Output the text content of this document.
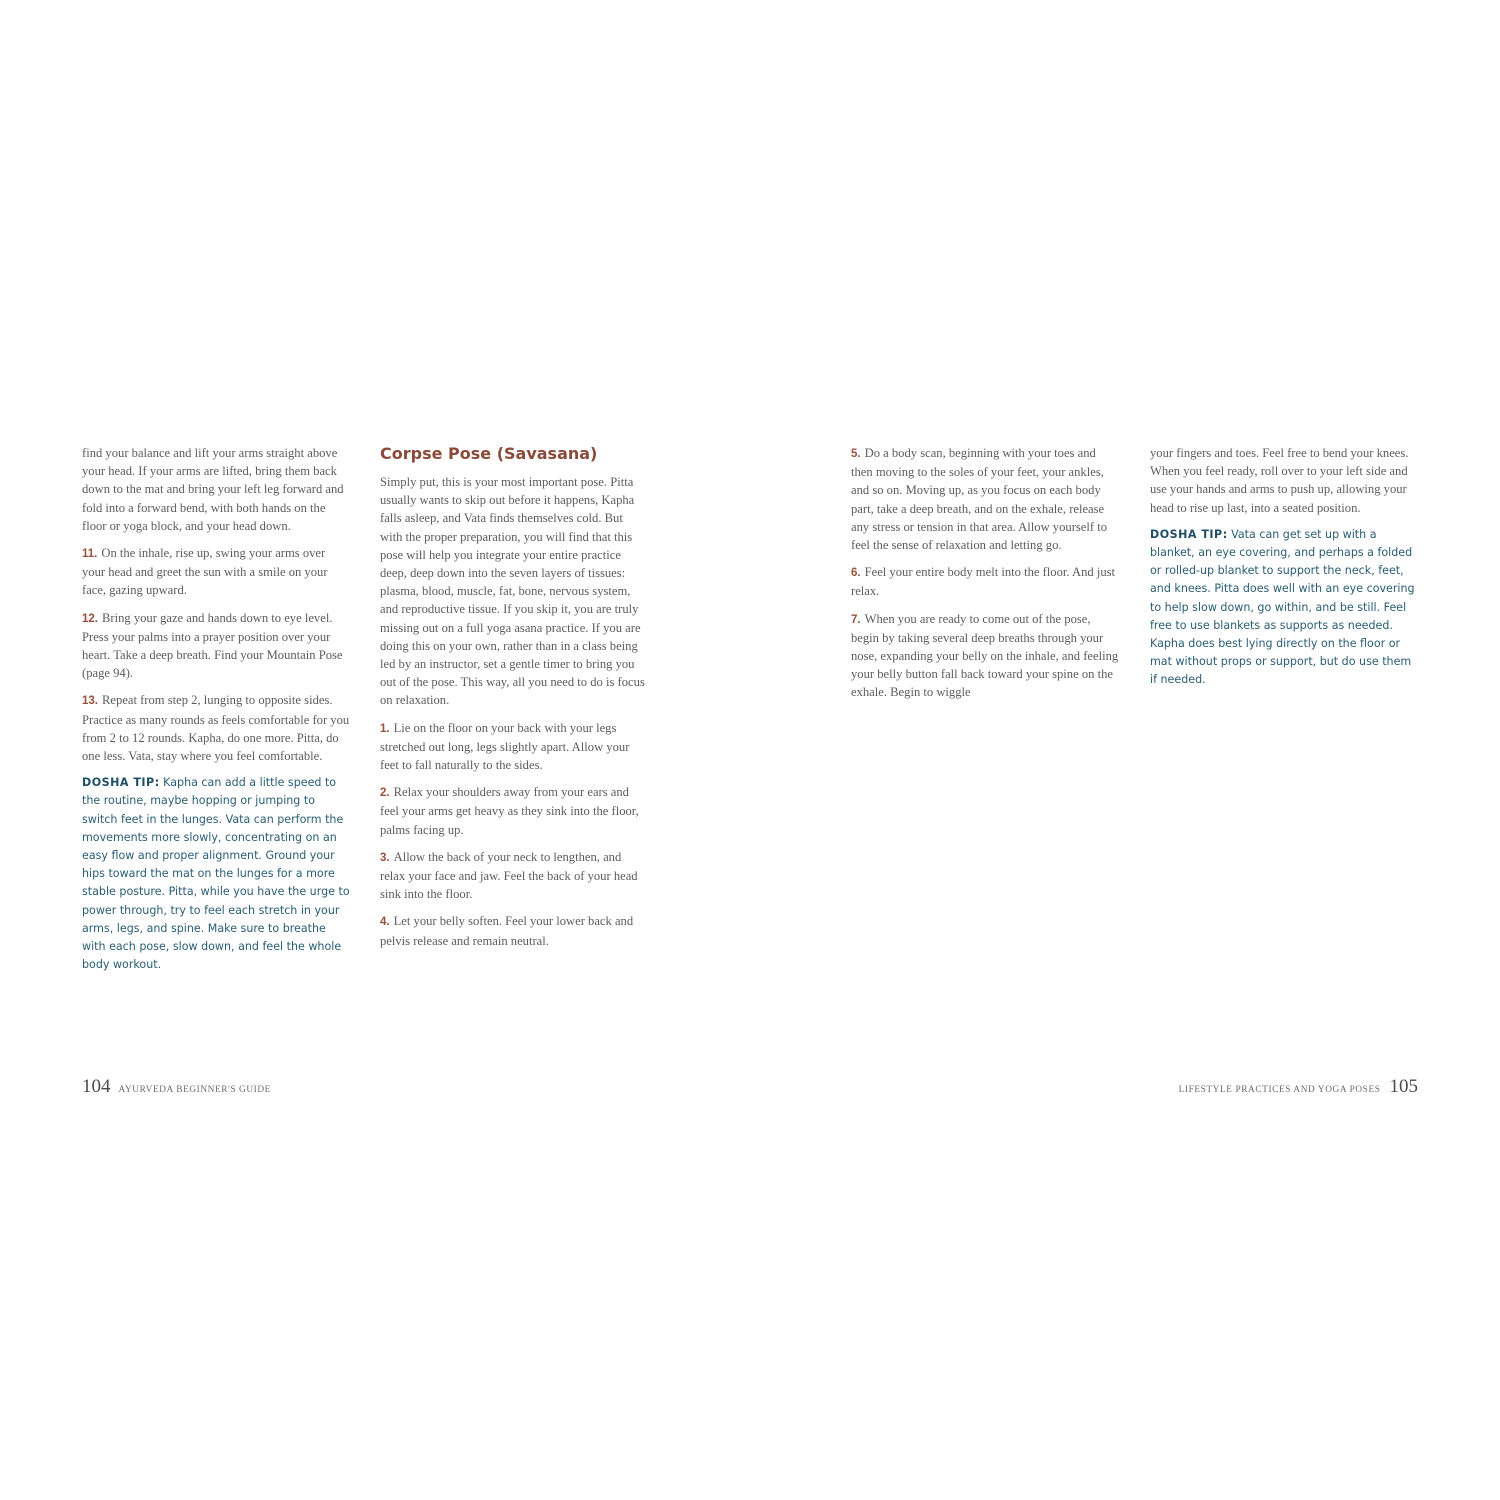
find your balance and lift your arms straight above your head. If your arms are lifted, bring them back down to the mat and bring your left leg forward and fold into a forward bend, with both hands on the floor or yoga block, and your head down.

11. On the inhale, rise up, swing your arms over your head and greet the sun with a smile on your face, gazing upward.

12. Bring your gaze and hands down to eye level. Press your palms into a prayer position over your heart. Take a deep breath. Find your Mountain Pose (page 94).

13. Repeat from step 2, lunging to opposite sides. Practice as many rounds as feels comfortable for you from 2 to 12 rounds. Kapha, do one more. Pitta, do one less. Vata, stay where you feel comfortable.

DOSHA TIP: Kapha can add a little speed to the routine, maybe hopping or jumping to switch feet in the lunges. Vata can perform the movements more slowly, concentrating on an easy flow and proper alignment. Ground your hips toward the mat on the lunges for a more stable posture. Pitta, while you have the urge to power through, try to feel each stretch in your arms, legs, and spine. Make sure to breathe with each pose, slow down, and feel the whole body workout.

Corpse Pose (Savasana)

Simply put, this is your most important pose. Pitta usually wants to skip out before it happens, Kapha falls asleep, and Vata finds themselves cold. But with the proper preparation, you will find that this pose will help you integrate your entire practice deep, deep down into the seven layers of tissues: plasma, blood, muscle, fat, bone, nervous system, and reproductive tissue. If you skip it, you are truly missing out on a full yoga asana practice. If you are doing this on your own, rather than in a class being led by an instructor, set a gentle timer to bring you out of the pose. This way, all you need to do is focus on relaxation.

1. Lie on the floor on your back with your legs stretched out long, legs slightly apart. Allow your feet to fall naturally to the sides.

2. Relax your shoulders away from your ears and feel your arms get heavy as they sink into the floor, palms facing up.

3. Allow the back of your neck to lengthen, and relax your face and jaw. Feel the back of your head sink into the floor.

4. Let your belly soften. Feel your lower back and pelvis release and remain neutral.

5. Do a body scan, beginning with your toes and then moving to the soles of your feet, your ankles, and so on. Moving up, as you focus on each body part, take a deep breath, and on the exhale, release any stress or tension in that area. Allow yourself to feel the sense of relaxation and letting go.

6. Feel your entire body melt into the floor. And just relax.

7. When you are ready to come out of the pose, begin by taking several deep breaths through your nose, expanding your belly on the inhale, and feeling your belly button fall back toward your spine on the exhale. Begin to wiggle

your fingers and toes. Feel free to bend your knees. When you feel ready, roll over to your left side and use your hands and arms to push up, allowing your head to rise up last, into a seated position.

DOSHA TIP: Vata can get set up with a blanket, an eye covering, and perhaps a folded or rolled-up blanket to support the neck, feet, and knees. Pitta does well with an eye covering to help slow down, go within, and be still. Feel free to use blankets as supports as needed. Kapha does best lying directly on the floor or mat without props or support, but do use them if needed.

104 AYURVEDA BEGINNER'S GUIDE	LIFESTYLE PRACTICES AND YOGA POSES 105
